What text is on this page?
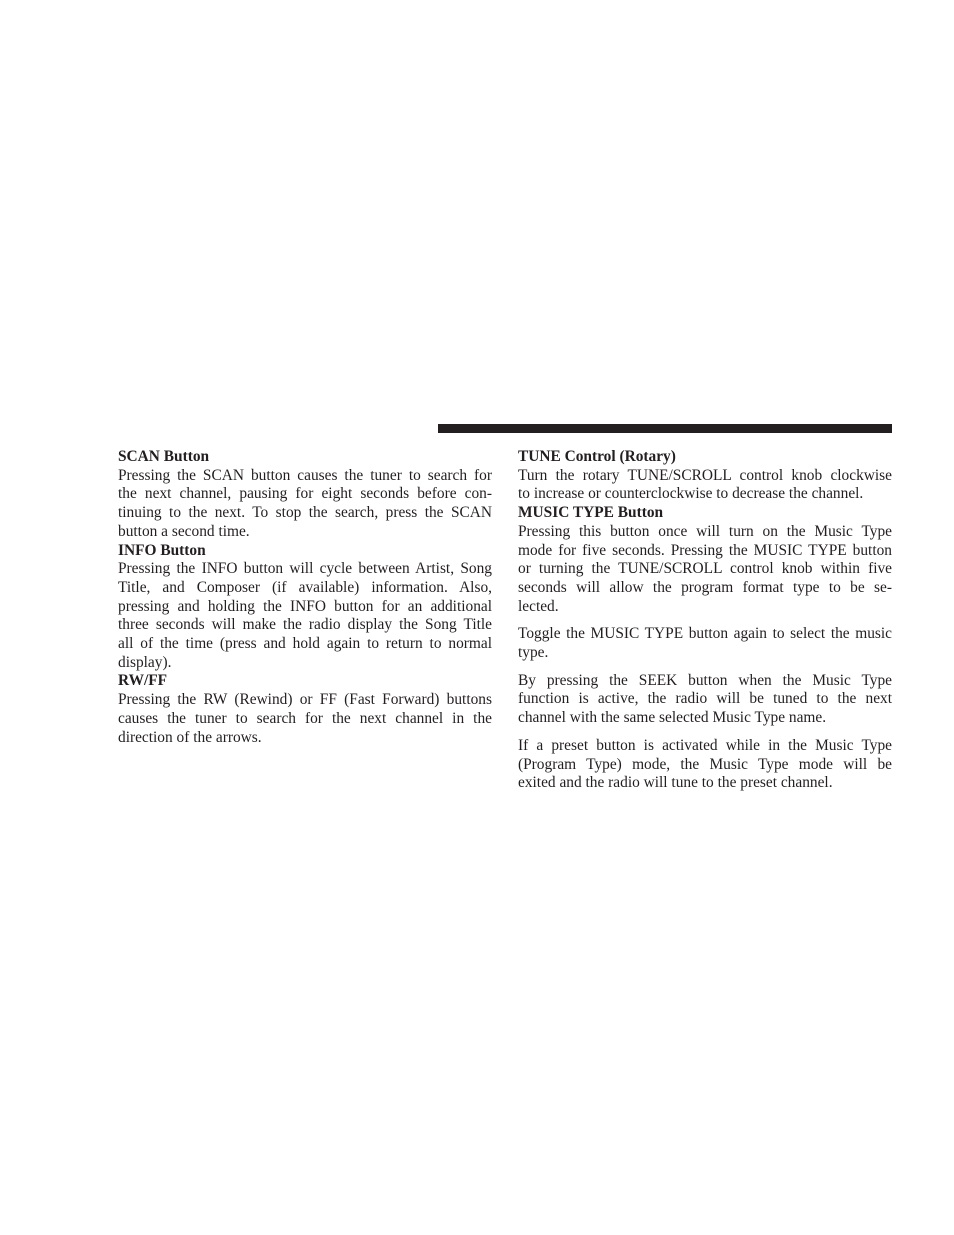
SCAN Button
Pressing the SCAN button causes the tuner to search for
the next channel, pausing for eight seconds before con-
tinuing to the next. To stop the search, press the SCAN
button a second time.
INFO Button
Pressing the INFO button will cycle between Artist, Song
Title, and Composer (if available) information. Also,
pressing and holding the INFO button for an additional
three seconds will make the radio display the Song Title
all of the time (press and hold again to return to normal
display).
RW/FF
Pressing the RW (Rewind) or FF (Fast Forward) buttons
causes the tuner to search for the next channel in the
direction of the arrows.
TUNE Control (Rotary)
Turn the rotary TUNE/SCROLL control knob clockwise
to increase or counterclockwise to decrease the channel.
MUSIC TYPE Button
Pressing this button once will turn on the Music Type
mode for five seconds. Pressing the MUSIC TYPE button
or turning the TUNE/SCROLL control knob within five
seconds will allow the program format type to be se-
lected.
Toggle the MUSIC TYPE button again to select the music
type.
By pressing the SEEK button when the Music Type
function is active, the radio will be tuned to the next
channel with the same selected Music Type name.
If a preset button is activated while in the Music Type
(Program Type) mode, the Music Type mode will be
exited and the radio will tune to the preset channel.
